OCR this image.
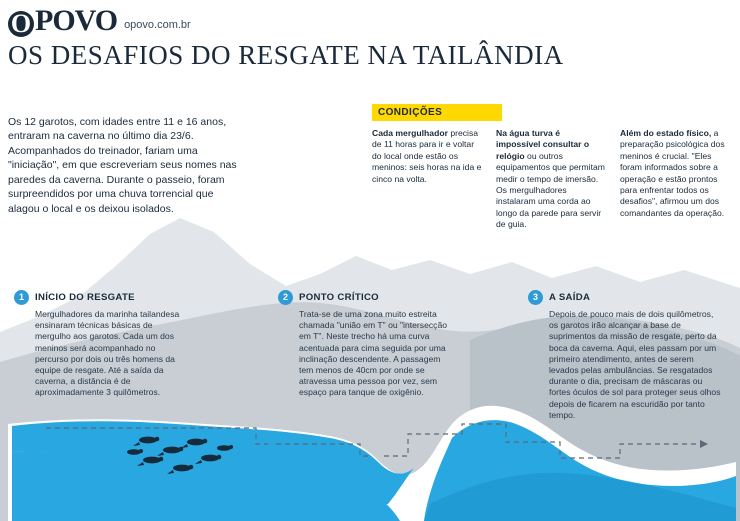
O POVO opovo.com.br
OS DESAFIOS DO RESGATE NA TAILÂNDIA

Os 12 garotos, com idades entre 11 e 16 anos, entraram na caverna no último dia 23/6. Acompanhados do treinador, fariam uma "iniciação", em que escreveriam seus nomes nas paredes da caverna. Durante o passeio, foram surpreendidos por uma chuva torrencial que alagou o local e os deixou isolados.

CONDIÇÕES
Cada mergulhador precisa de 11 horas para ir e voltar do local onde estão os meninos: seis horas na ida e cinco na volta.
Na água turva é impossível consultar o relógio ou outros equipamentos que permitam medir o tempo de imersão. Os mergulhadores instalaram uma corda ao longo da parede para servir de guia.
Além do estado físico, a preparação psicológica dos meninos é crucial. "Eles foram informados sobre a operação e estão prontos para enfrentar todos os desafios", afirmou um dos comandantes da operação.
1	INÍCIO DO RESGATE
Mergulhadores da marinha tailandesa ensinaram técnicas básicas de mergulho aos garotos. Cada um dos meninos será acompanhado no percurso por dois ou três homens da equipe de resgate. Até a saída da caverna, a distância é de aproximadamente 3 quilômetros.
2	PONTO CRÍTICO
Trata-se de uma zona muito estreita chamada "união em T" ou "intersecção em T". Neste trecho há uma curva acentuada para cima seguida por uma inclinação descendente. A passagem tem menos de 40cm por onde se atravessa uma pessoa por vez, sem espaço para tanque de oxigênio.
3	A SAÍDA
Depois de pouco mais de dois quilômetros, os garotos irão alcançar a base de suprimentos da missão de resgate, perto da boca da caverna. Aqui, eles passam por um primeiro atendimento, antes de serem levados pelas ambulâncias. Se resgatados durante o dia, precisam de máscaras ou fortes óculos de sol para proteger seus olhos depois de ficarem na escuridão por tanto tempo.
